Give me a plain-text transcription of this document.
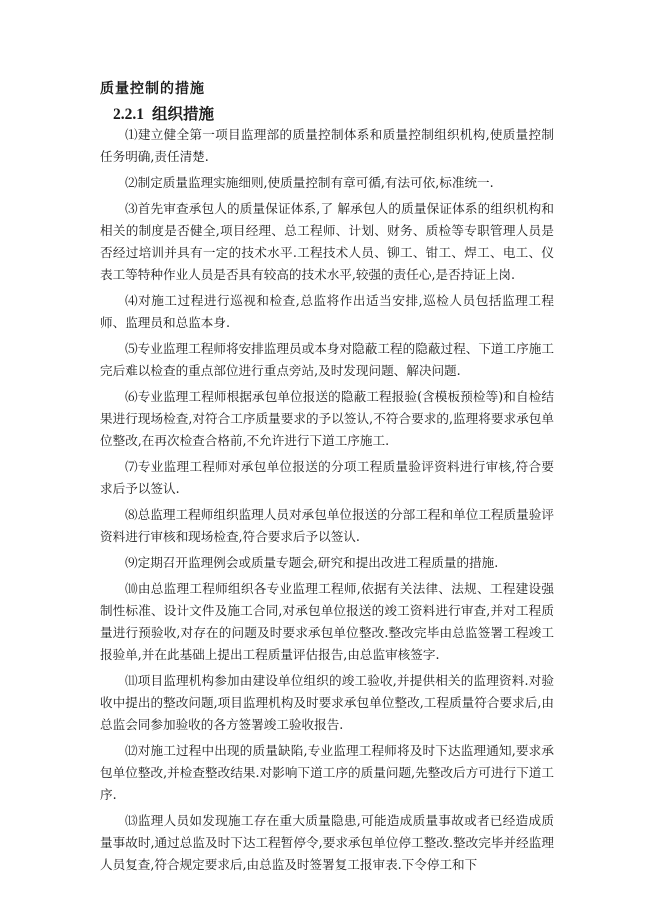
质量控制的措施
2.2.1 组织措施

⑴建立健全第一项目监理部的质量控制体系和质量控制组织机构,使质量控制任务明确,责任清楚.

⑵制定质量监理实施细则,使质量控制有章可循,有法可依,标准统一.

⑶首先审查承包人的质量保证体系,了 解承包人的质量保证体系的组织机构和相关的制度是否健全,项目经理、总工程师、计划、财务、质检等专职管理人员是否经过培训并具有一定的技术水平.工程技术人员、铆工、钳工、焊工、电工、仪表工等特种作业人员是否具有较高的技术水平,较强的责任心,是否持证上岗.

⑷对施工过程进行巡视和检查,总监将作出适当安排,巡检人员包括监理工程师、监理员和总监本身.

⑸专业监理工程师将安排监理员或本身对隐蔽工程的隐蔽过程、下道工序施工完后难以检查的重点部位进行重点旁站,及时发现问题、解决问题.

⑹专业监理工程师根据承包单位报送的隐蔽工程报验(含模板预检等)和自检结果进行现场检查,对符合工序质量要求的予以签认,不符合要求的,监理将要求承包单位整改,在再次检查合格前,不允许进行下道工序施工.

⑺专业监理工程师对承包单位报送的分项工程质量验评资料进行审核,符合要求后予以签认.

⑻总监理工程师组织监理人员对承包单位报送的分部工程和单位工程质量验评资料进行审核和现场检查,符合要求后予以签认.

⑼定期召开监理例会或质量专题会,研究和提出改进工程质量的措施.

⑽由总监理工程师组织各专业监理工程师,依据有关法律、法规、工程建设强制性标准、设计文件及施工合同,对承包单位报送的竣工资料进行审查,并对工程质量进行预验收,对存在的问题及时要求承包单位整改.整改完毕由总监签署工程竣工报验单,并在此基础上提出工程质量评估报告,由总监审核签字.

⑾项目监理机构参加由建设单位组织的竣工验收,并提供相关的监理资料.对验收中提出的整改问题,项目监理机构及时要求承包单位整改,工程质量符合要求后,由总监会同参加验收的各方签署竣工验收报告.

⑿对施工过程中出现的质量缺陷,专业监理工程师将及时下达监理通知,要求承包单位整改,并检查整改结果.对影响下道工序的质量问题,先整改后方可进行下道工序.

⒀监理人员如发现施工存在重大质量隐患,可能造成质量事故或者已经造成质量事故时,通过总监及时下达工程暂停令,要求承包单位停工整改.整改完毕并经监理人员复查,符合规定要求后,由总监及时签署复工报审表.下令停工和下
